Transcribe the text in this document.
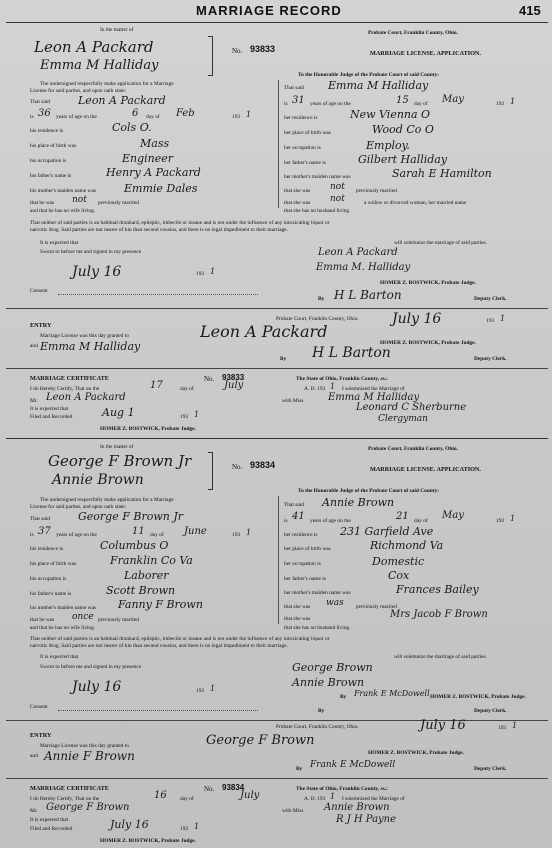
MARRIAGE RECORD	415
In the matter of
Leon A Packard
Emma M Halliday
No. 93833
Probate Court, Franklin County, Ohio.
MARRIAGE LICENSE. APPLICATION.
To the Honorable Judge of the Probate Court of said County:
The undersigned respectfully make application for a Marriage
License for said parties, and upon oath state:
That said	Leon A Packard
is 36 years of age on the	6 day of Feb	193 1
his residence is	Cols O.
his place of birth was	Mass
his occupation is	Engineer
his father's name is	Henry A Packard
his mother's maiden name was	Emmie Dales
that he was not previously married
and that he has no wife living.
That said Emma M Halliday
is 31 years of age on the	15 day of May	193 1
her residence is	New Vienna O
her place of birth was	Wood Co O
her occupation is	Employ.
her father's name is	Gilbert Halliday
her mother's maiden name was	Sarah E Hamilton
that she was not previously married
that she was not	a widow or divorced woman, her married name
that she has no husband living.
That neither of said parties is an habitual drunkard, epileptic, imbecile or insane and is not under the influence of any intoxicating liquor or
narcotic drug. Said parties are not nearer of kin than second cousins, and there is no legal impediment to their marriage.
It is expected that	will solemnize the marriage of said parties.
Sworn to before me and signed in my presence	Leon A Packard
July 16	Emma M. Halliday
193 1
HOMER Z. BOSTWICK, Probate Judge.
Consent
By H L Barton	Deputy Clerk.
Probate Court, Franklin County, Ohio. July 16	193 1
ENTRY
Marriage License was this day granted to	Leon A Packard
Emma M Halliday
and
By H L Barton
HOMER Z. BOSTWICK, Probate Judge.
Deputy Clerk.
MARRIAGE CERTIFICATE	No. 93833	The State of Ohio, Franklin County, ss.:
I do Hereby Certify, That on the	17	day of	July	A. D. 193 1 I solemnized the Marriage of
Mr. Leon A Packard	with Miss Emma M Halliday
It is expected that	Leonard C Sherburne
Filed and Recorded	Aug 1	193 1	Clergyman
HOMER Z. BOSTWICK, Probate Judge.
In the matter of
George F Brown Jr
Annie Brown
No. 93834
Probate Court, Franklin County, Ohio.
MARRIAGE LICENSE. APPLICATION.
To the Honorable Judge of the Probate Court of said County:
The undersigned respectfully make application for a Marriage
License for said parties, and upon oath state:
That said	George F Brown Jr
is 37 years of age on the	11 day of June	193 1
his residence is	Columbus O
his place of birth was	Franklin Co Va
his occupation is	Laborer
his father's name is	Scott Brown
his mother's maiden name was Fanny F Brown
that he was once previously married
and that he has no wife living.
That said Annie Brown
is 41 years of age on the	21 day of May	193 1
her residence is 231 Garfield Ave
her place of birth was	Richmond Va
her occupation is	Domestic
her father's name is	Cox
her mother's maiden name was	Frances Bailey
that she was was previously married
that she was	Mrs Jacob F Brown
that she has no husband living.
That neither of said parties is an habitual drunkard, epileptic, imbecile or insane and is not under the influence of any intoxicating liquor or
narcotic drug. Said parties are not nearer of kin than second cousins, and there is no legal impediment to their marriage.
It is expected that	will solemnize the marriage of said parties.
Sworn to before me and signed in my presence	George Brown
July 16	Annie Brown
193 1
By Frank E McDowell HOMER Z. BOSTWICK, Probate Judge.
Consent
By	Deputy Clerk.
Probate Court, Franklin County, Ohio.	July 16	193 1
ENTRY
Marriage License was this day granted to	George F Brown
Annie F Brown
and
By Frank E McDowell
HOMER Z. BOSTWICK, Probate Judge.
Deputy Clerk.
MARRIAGE CERTIFICATE	No. 93834	The State of Ohio, Franklin County, ss.:
I do Hereby Certify, That on the	16 day of	July	A. D. 193 1 I solemnized the Marriage of
Mr. George F Brown	with Miss Annie Brown
It is expected that	R J H Payne
Filed and Recorded	July 16	193 1
HOMER Z. BOSTWICK, Probate Judge.
